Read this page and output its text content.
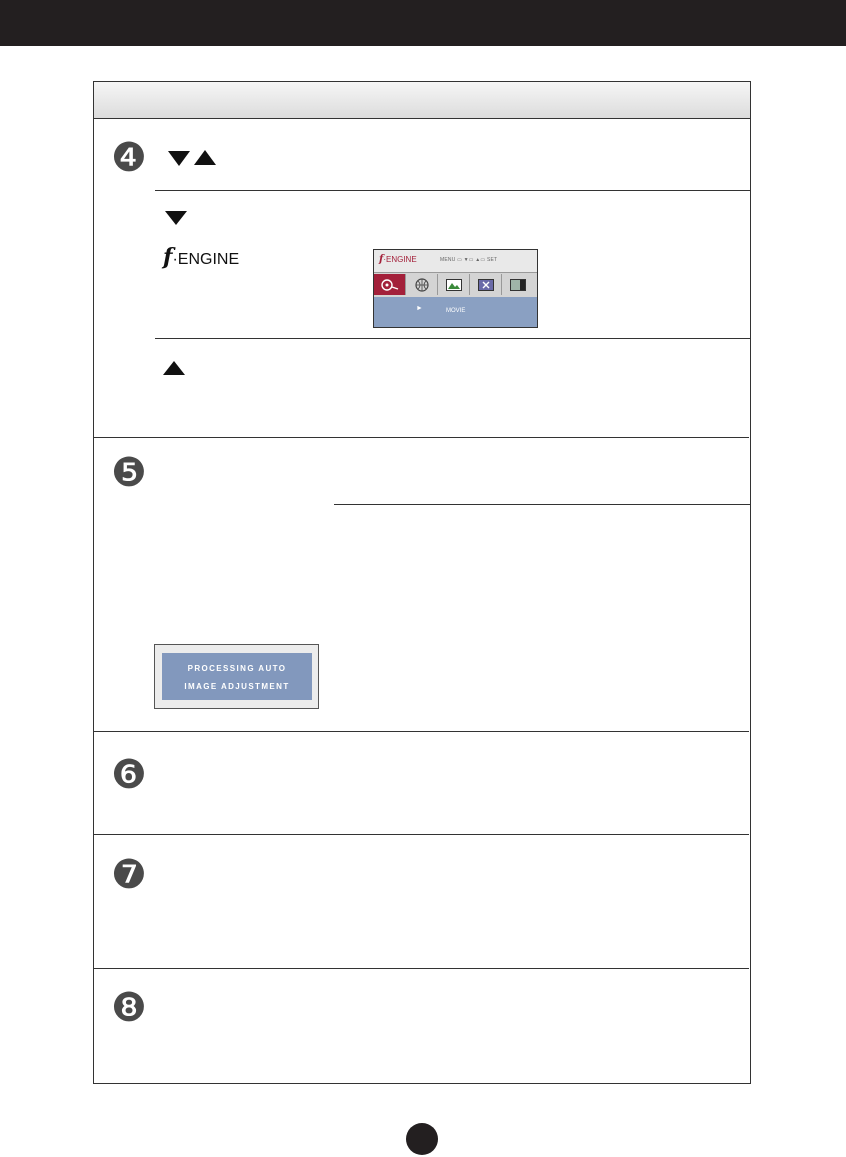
❹
❺
❻
❼
❽
f·ENGINE	f·ENGINE	MENU ▭ ▼▭ ▲▭ SET
►	MOVIE
PROCESSING AUTO
IMAGE ADJUSTMENT
